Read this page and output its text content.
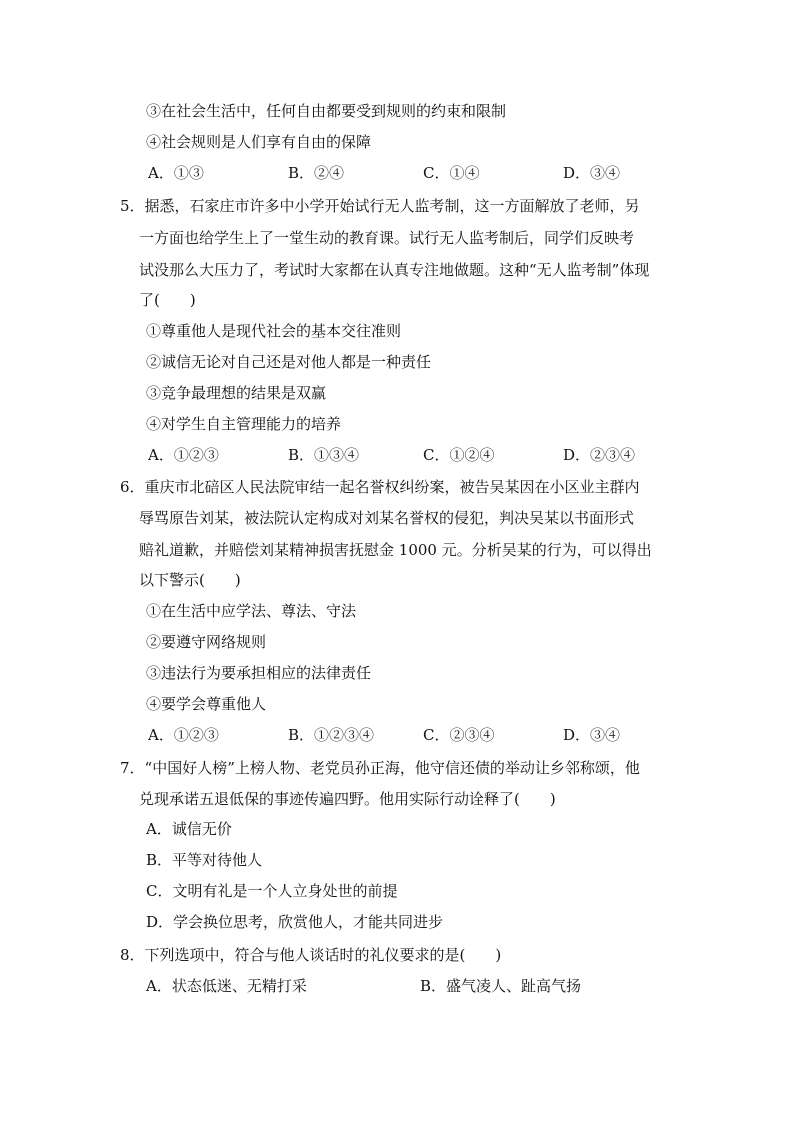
③在社会生活中，任何自由都要受到规则的约束和限制
④社会规则是人们享有自由的保障
A．①③	B．②④	C．①④	D．③④
5．据悉，石家庄市许多中小学开始试行无人监考制，这一方面解放了老师，另
一方面也给学生上了一堂生动的教育课。试行无人监考制后，同学们反映考
试没那么大压力了，考试时大家都在认真专注地做题。这种“无人监考制”体现
了(　　)
①尊重他人是现代社会的基本交往准则
②诚信无论对自己还是对他人都是一种责任
③竞争最理想的结果是双赢
④对学生自主管理能力的培养
A．①②③	B．①③④	C．①②④	D．②③④
6．重庆市北碚区人民法院审结一起名誉权纠纷案，被告吴某因在小区业主群内
辱骂原告刘某，被法院认定构成对刘某名誉权的侵犯，判决吴某以书面形式
赔礼道歉，并赔偿刘某精神损害抚慰金 1000 元。分析吴某的行为，可以得出
以下警示(　　)
①在生活中应学法、尊法、守法
②要遵守网络规则
③违法行为要承担相应的法律责任
④要学会尊重他人
A．①②③	B．①②③④	C．②③④	D．③④
7．“中国好人榜”上榜人物、老党员孙正海，他守信还债的举动让乡邻称颂，他
兑现承诺五退低保的事迹传遍四野。他用实际行动诠释了(　　)
A．诚信无价
B．平等对待他人
C．文明有礼是一个人立身处世的前提
D．学会换位思考，欣赏他人，才能共同进步
8．下列选项中，符合与他人谈话时的礼仪要求的是(　　)
A．状态低迷、无精打采	B．盛气凌人、趾高气扬
